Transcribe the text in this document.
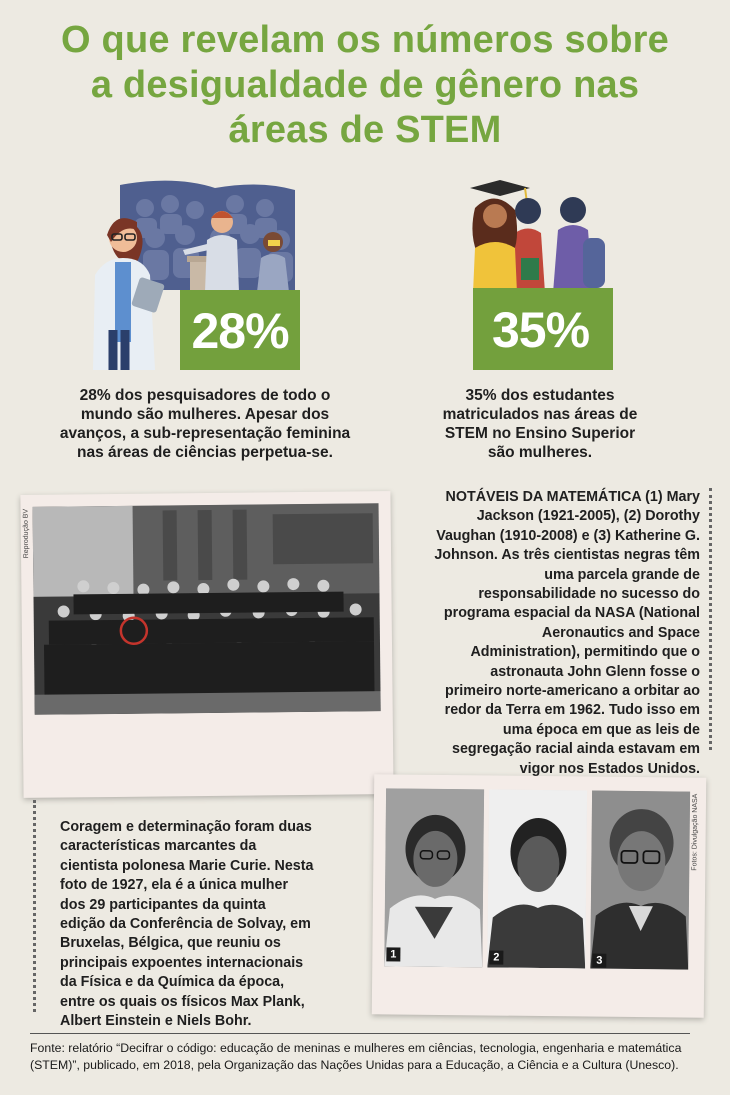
O que revelam os números sobre
a desigualdade de gênero nas
áreas de STEM
28%
28% dos pesquisadores de todo o mundo são mulheres. Apesar dos avanços, a sub-representação feminina nas áreas de ciências perpetua-se.
35%
35% dos estudantes matriculados nas áreas de STEM no Ensino Superior são mulheres.
Reprodução BV
NOTÁVEIS DA MATEMÁTICA (1) Mary Jackson (1921-2005), (2) Dorothy Vaughan (1910-2008) e (3) Katherine G. Johnson. As três cientistas negras têm uma parcela grande de responsabilidade no sucesso do programa espacial da NASA (National Aeronautics and Space Administration), permitindo que o astronauta John Glenn fosse o primeiro norte-americano a orbitar ao redor da Terra em 1962. Tudo isso em uma época em que as leis de segregação racial ainda estavam em vigor nos Estados Unidos.
Coragem e determinação foram duas características marcantes da cientista polonesa Marie Curie. Nesta foto de 1927, ela é a única mulher dos 29 participantes da quinta edição da Conferência de Solvay, em Bruxelas, Bélgica, que reuniu os principais expoentes internacionais da Física e da Química da época, entre os quais os físicos Max Plank, Albert Einstein e Niels Bohr.
1	2	3
Fotos: Divulgação NASA
Fonte: relatório “Decifrar o código: educação de meninas e mulheres em ciências, tecnologia, engenharia e matemática (STEM)”, publicado, em 2018, pela Organização das Nações Unidas para a Educação, a Ciência e a Cultura (Unesco).
